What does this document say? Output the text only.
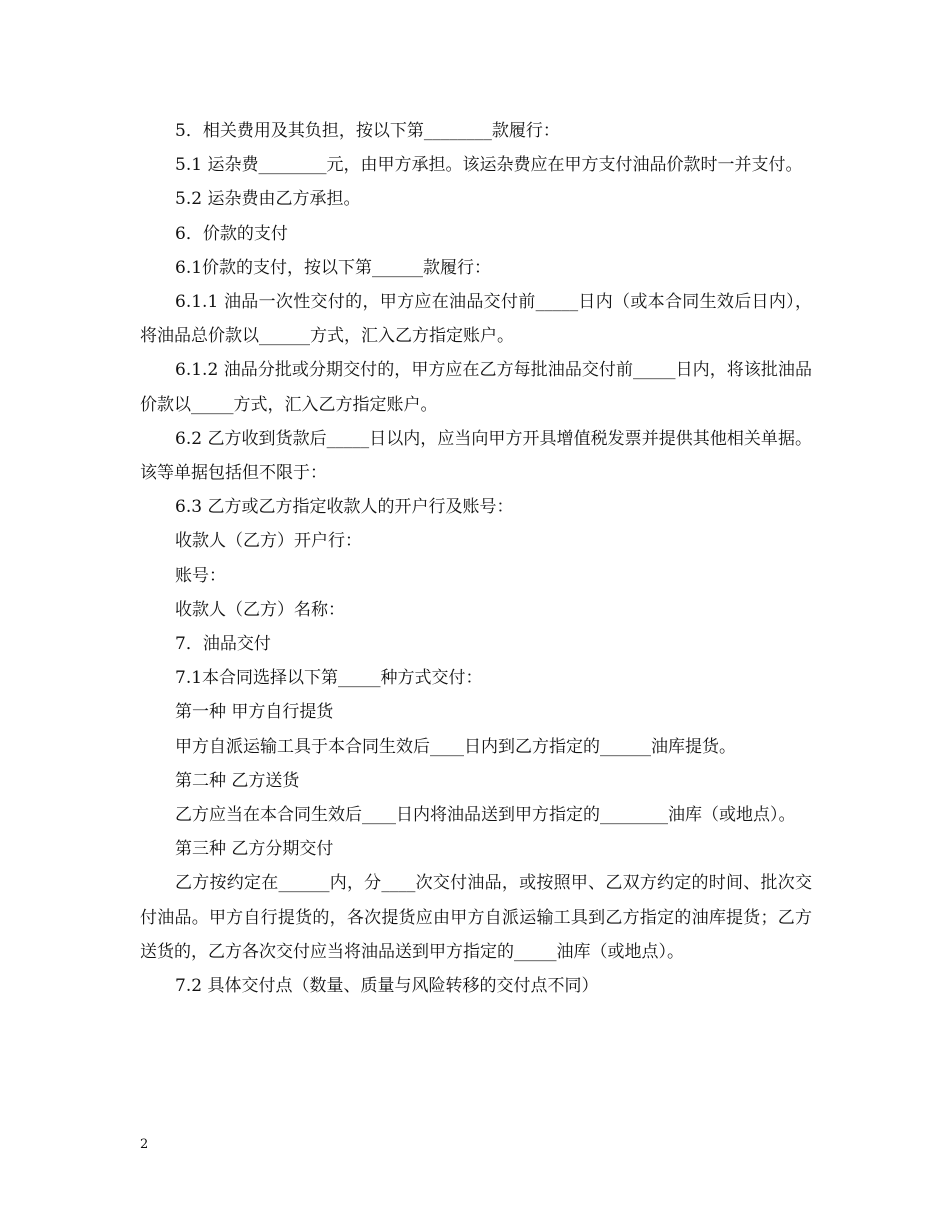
5．相关费用及其负担，按以下第________款履行：

5.1 运杂费________元，由甲方承担。该运杂费应在甲方支付油品价款时一并支付。

5.2 运杂费由乙方承担。

6．价款的支付

6.1价款的支付，按以下第______款履行：

6.1.1 油品一次性交付的，甲方应在油品交付前_____日内（或本合同生效后日内），将油品总价款以______方式，汇入乙方指定账户。

6.1.2 油品分批或分期交付的，甲方应在乙方每批油品交付前_____日内，将该批油品价款以_____方式，汇入乙方指定账户。

6.2 乙方收到货款后_____日以内，应当向甲方开具增值税发票并提供其他相关单据。该等单据包括但不限于：

6.3 乙方或乙方指定收款人的开户行及账号：

收款人（乙方）开户行：

账号：

收款人（乙方）名称：

7．油品交付

7.1本合同选择以下第_____种方式交付：

第一种 甲方自行提货

甲方自派运输工具于本合同生效后____日内到乙方指定的______油库提货。

第二种 乙方送货

乙方应当在本合同生效后____日内将油品送到甲方指定的________油库（或地点）。

第三种 乙方分期交付

乙方按约定在______内，分____次交付油品，或按照甲、乙双方约定的时间、批次交付油品。甲方自行提货的，各次提货应由甲方自派运输工具到乙方指定的油库提货；乙方送货的，乙方各次交付应当将油品送到甲方指定的_____油库（或地点）。

7.2 具体交付点（数量、质量与风险转移的交付点不同）

2
